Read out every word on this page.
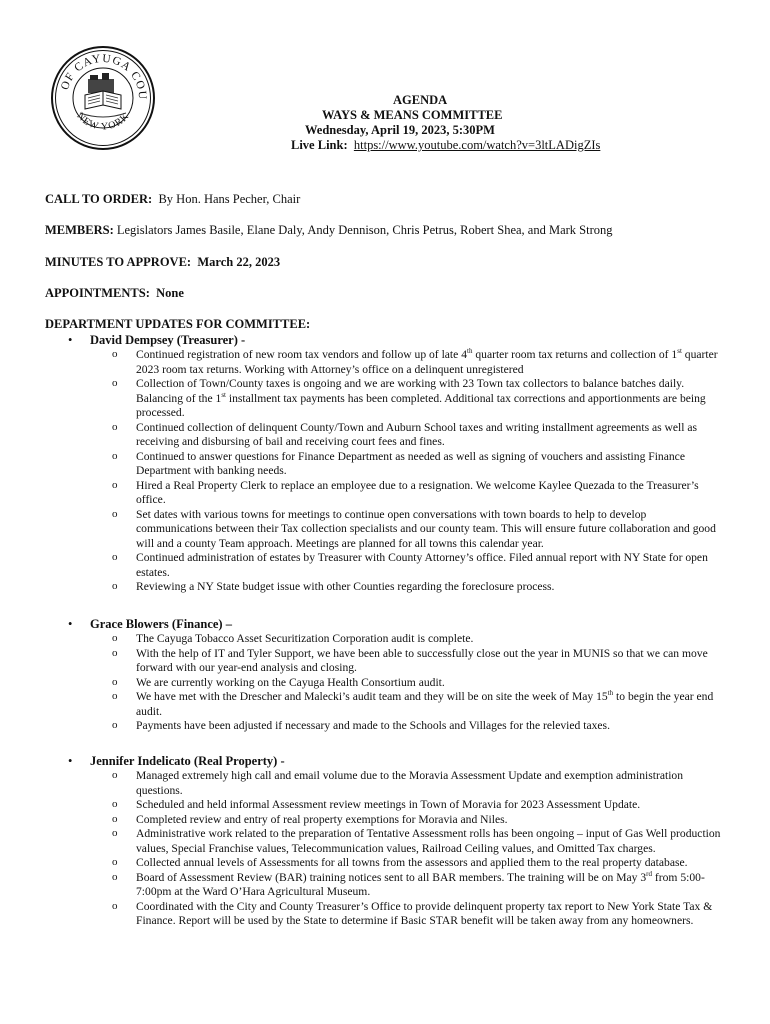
OF CAYUGA COU
NEW YORK
AGENDA
WAYS & MEANS COMMITTEE
Wednesday, April 19, 2023, 5:30PM
Live Link: https://www.youtube.com/watch?v=3ltLADigZIs
CALL TO ORDER: By Hon. Hans Pecher, Chair
MEMBERS: Legislators James Basile, Elane Daly, Andy Dennison, Chris Petrus, Robert Shea, and Mark Strong
MINUTES TO APPROVE: March 22, 2023
APPOINTMENTS: None
DEPARTMENT UPDATES FOR COMMITTEE:
• David Dempsey (Treasurer) -
o Continued registration of new room tax vendors and follow up of late 4th quarter room tax returns and collection of 1st quarter 2023 room tax returns. Working with Attorney’s office on a delinquent unregistered
o Collection of Town/County taxes is ongoing and we are working with 23 Town tax collectors to balance batches daily. Balancing of the 1st installment tax payments has been completed. Additional tax corrections and apportionments are being processed.
o Continued collection of delinquent County/Town and Auburn School taxes and writing installment agreements as well as receiving and disbursing of bail and receiving court fees and fines.
o Continued to answer questions for Finance Department as needed as well as signing of vouchers and assisting Finance Department with banking needs.
o Hired a Real Property Clerk to replace an employee due to a resignation. We welcome Kaylee Quezada to the Treasurer’s office.
o Set dates with various towns for meetings to continue open conversations with town boards to help to develop communications between their Tax collection specialists and our county team. This will ensure future collaboration and good will and a county Team approach. Meetings are planned for all towns this calendar year.
o Continued administration of estates by Treasurer with County Attorney’s office. Filed annual report with NY State for open estates.
o Reviewing a NY State budget issue with other Counties regarding the foreclosure process.
• Grace Blowers (Finance) –
o The Cayuga Tobacco Asset Securitization Corporation audit is complete.
o With the help of IT and Tyler Support, we have been able to successfully close out the year in MUNIS so that we can move forward with our year-end analysis and closing.
o We are currently working on the Cayuga Health Consortium audit.
o We have met with the Drescher and Malecki’s audit team and they will be on site the week of May 15th to begin the year end audit.
o Payments have been adjusted if necessary and made to the Schools and Villages for the relevied taxes.
• Jennifer Indelicato (Real Property) -
o Managed extremely high call and email volume due to the Moravia Assessment Update and exemption administration questions.
o Scheduled and held informal Assessment review meetings in Town of Moravia for 2023 Assessment Update.
o Completed review and entry of real property exemptions for Moravia and Niles.
o Administrative work related to the preparation of Tentative Assessment rolls has been ongoing – input of Gas Well production values, Special Franchise values, Telecommunication values, Railroad Ceiling values, and Omitted Tax charges.
o Collected annual levels of Assessments for all towns from the assessors and applied them to the real property database.
o Board of Assessment Review (BAR) training notices sent to all BAR members. The training will be on May 3rd from 5:00-7:00pm at the Ward O’Hara Agricultural Museum.
o Coordinated with the City and County Treasurer’s Office to provide delinquent property tax report to New York State Tax & Finance. Report will be used by the State to determine if Basic STAR benefit will be taken away from any homeowners.
